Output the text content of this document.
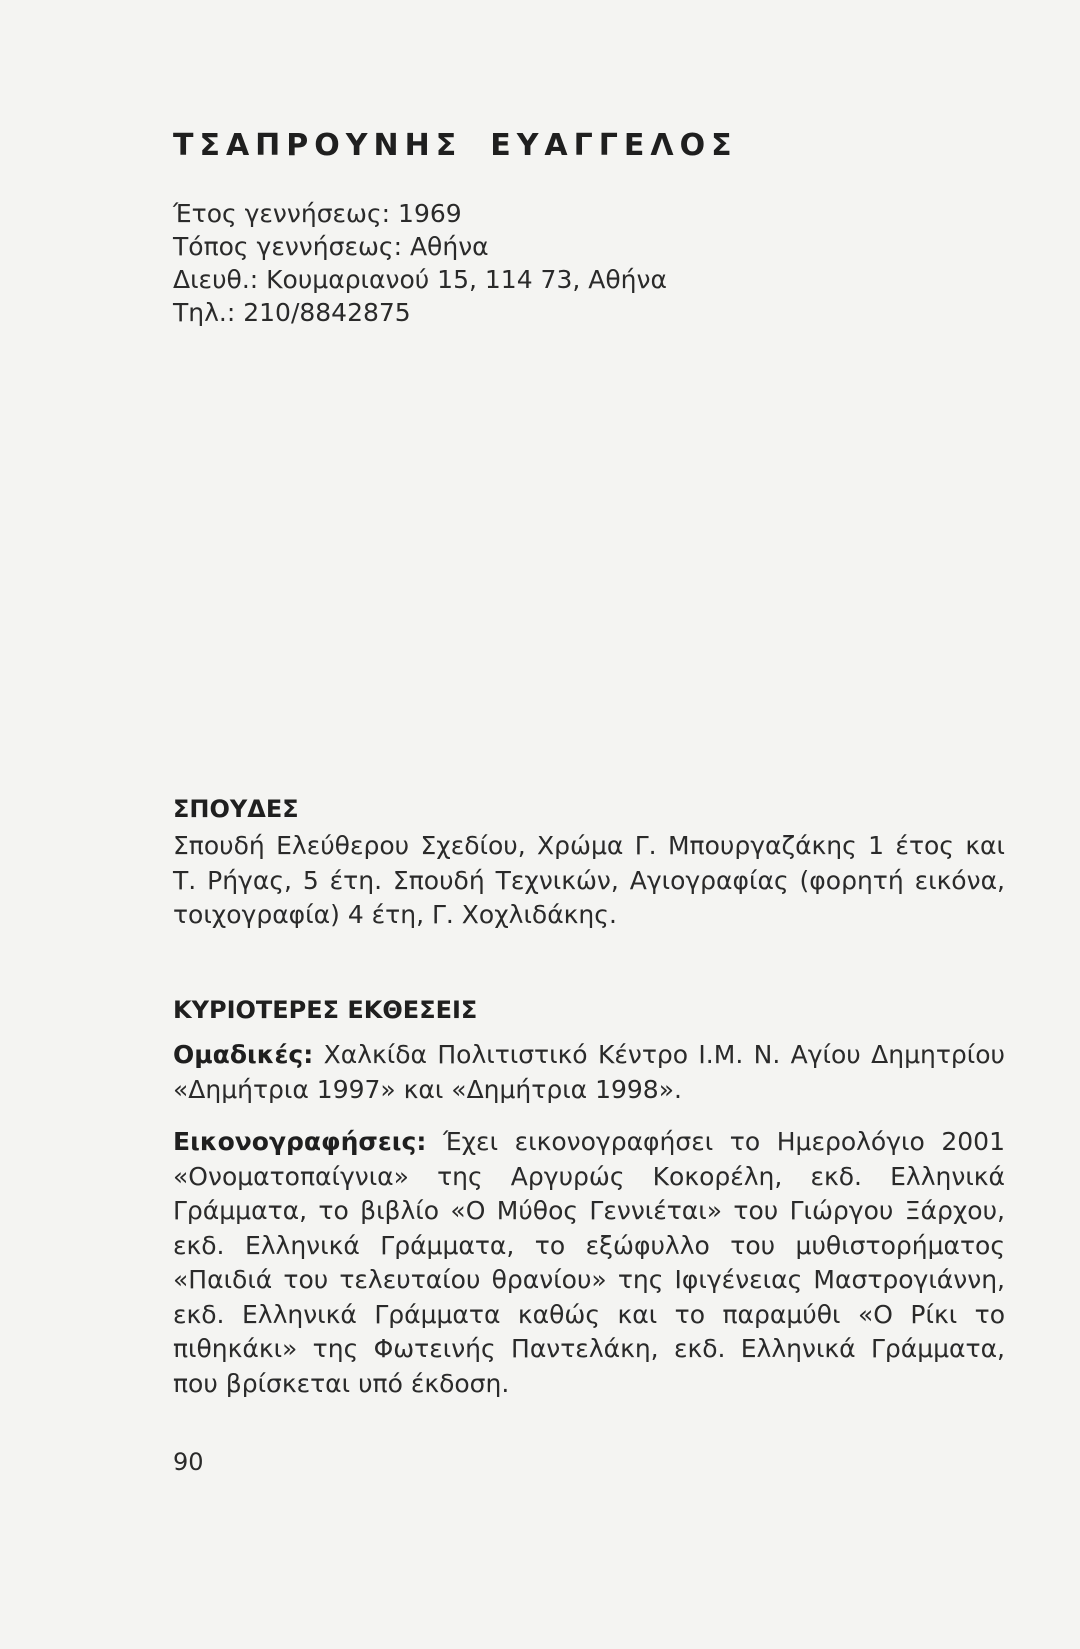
ΤΣΑΠΡΟΥΝΗΣ ΕΥΑΓΓΕΛΟΣ
Έτος γεννήσεως: 1969
Τόπος γεννήσεως: Αθήνα
Διευθ.: Κουμαριανού 15, 114 73, Αθήνα
Τηλ.: 210/8842875
ΣΠΟΥΔΕΣ

Σπουδή Ελεύθερου Σχεδίου, Χρώμα Γ. Μπουργαζάκης 1 έτος και Τ. Ρήγας, 5 έτη. Σπουδή Τεχνικών, Αγιογραφίας (φορητή εικόνα, τοιχογραφία) 4 έτη, Γ. Χοχλιδάκης.

ΚΥΡΙΟΤΕΡΕΣ ΕΚΘΕΣΕΙΣ

Ομαδικές: Χαλκίδα Πολιτιστικό Κέντρο Ι.Μ. Ν. Αγίου Δημητρίου «Δημήτρια 1997» και «Δημήτρια 1998».

Εικονογραφήσεις: Έχει εικονογραφήσει το Ημερολόγιο 2001 «Ονοματοπαίγνια» της Αργυρώς Κοκορέλη, εκδ. Ελληνικά Γράμματα, το βιβλίο «Ο Μύθος Γεννιέται» του Γιώργου Ξάρχου, εκδ. Ελληνικά Γράμματα, το εξώφυλλο του μυθιστορήματος «Παιδιά του τελευταίου θρανίου» της Ιφιγένειας Μαστρογιάννη, εκδ. Ελληνικά Γράμματα καθώς και το παραμύθι «Ο Ρίκι το πιθηκάκι» της Φωτεινής Παντελάκη, εκδ. Ελληνικά Γράμματα, που βρίσκεται υπό έκδοση.

90
